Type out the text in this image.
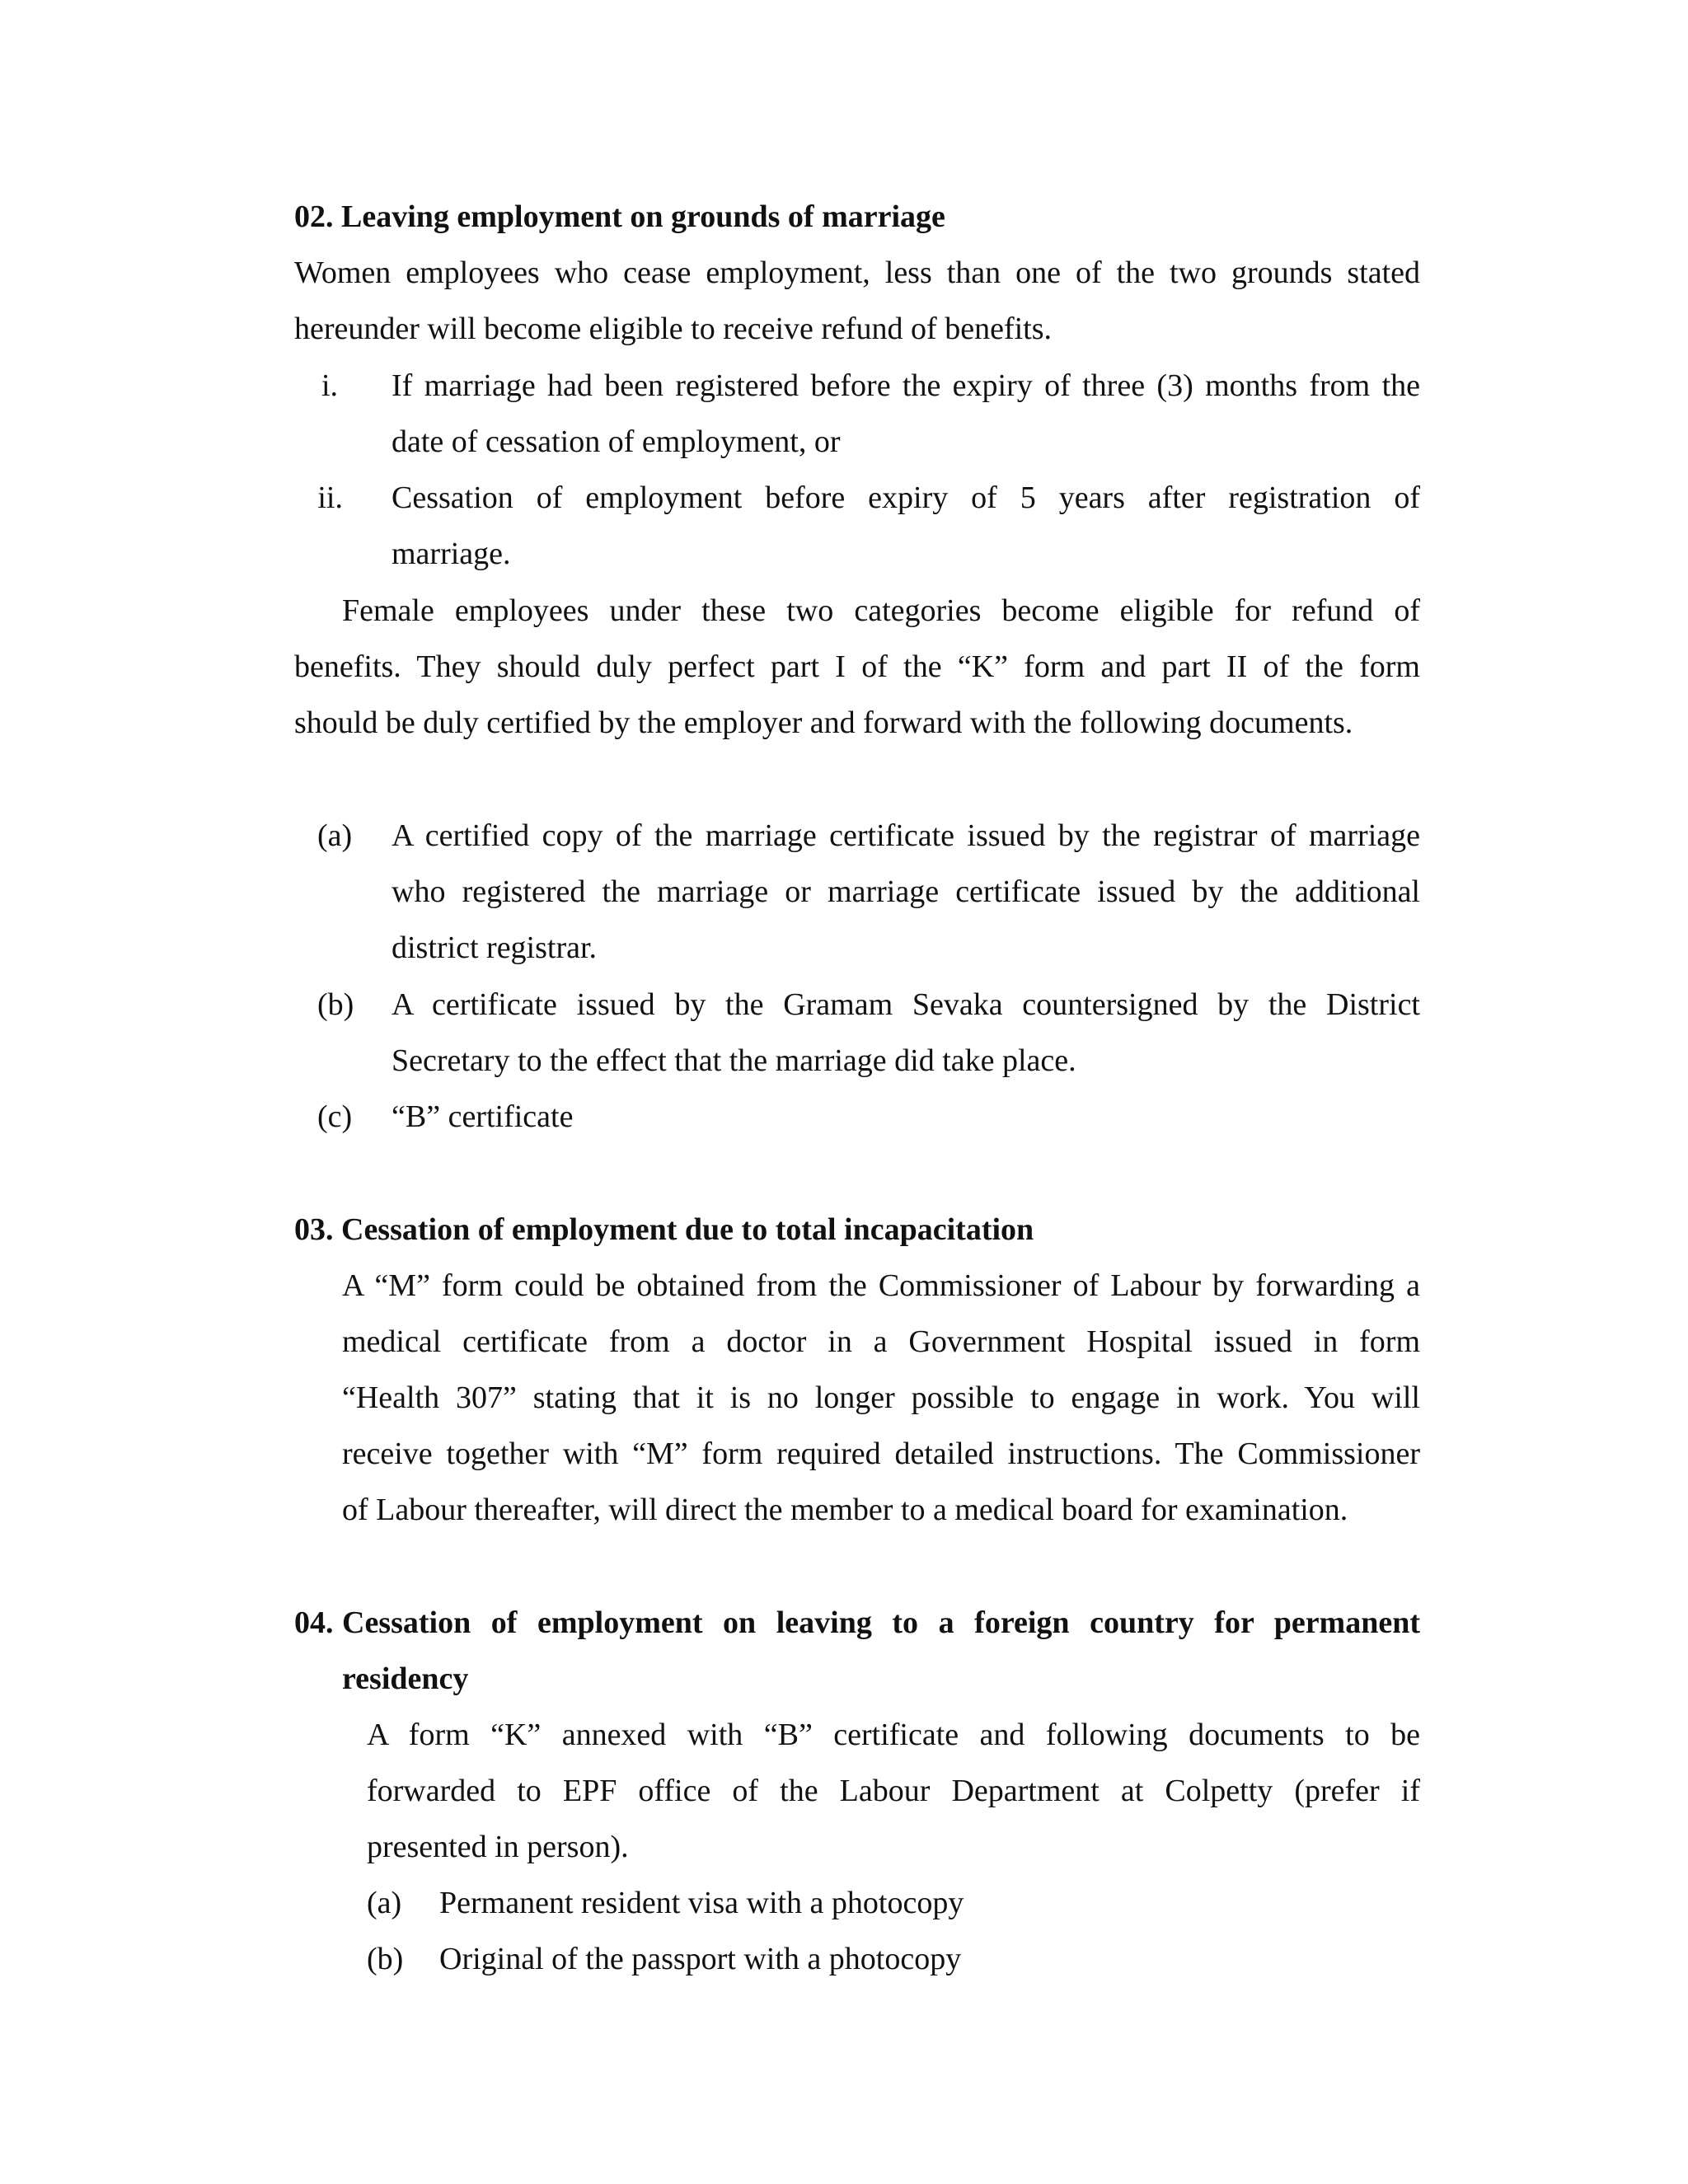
02. Leaving employment on grounds of marriage
Women employees who cease employment, less than one of the two grounds stated
hereunder will become eligible to receive refund of benefits.
i. If marriage had been registered before the expiry of three (3) months from the
date of cessation of employment, or
ii. Cessation of employment before expiry of 5 years after registration of
marriage.
Female employees under these two categories become eligible for refund of
benefits. They should duly perfect part I of the “K” form and part II of the form
should be duly certified by the employer and forward with the following documents.
(a) A certified copy of the marriage certificate issued by the registrar of marriage
who registered the marriage or marriage certificate issued by the additional
district registrar.
(b) A certificate issued by the Gramam Sevaka countersigned by the District
Secretary to the effect that the marriage did take place.
(c) “B” certificate
03. Cessation of employment due to total incapacitation
A “M” form could be obtained from the Commissioner of Labour by forwarding a
medical certificate from a doctor in a Government Hospital issued in form
“Health 307” stating that it is no longer possible to engage in work. You will
receive together with “M” form required detailed instructions. The Commissioner
of Labour thereafter, will direct the member to a medical board for examination.
04. Cessation of employment on leaving to a foreign country for permanent
residency
A form “K” annexed with “B” certificate and following documents to be
forwarded to EPF office of the Labour Department at Colpetty (prefer if
presented in person).
(a) Permanent resident visa with a photocopy
(b) Original of the passport with a photocopy
